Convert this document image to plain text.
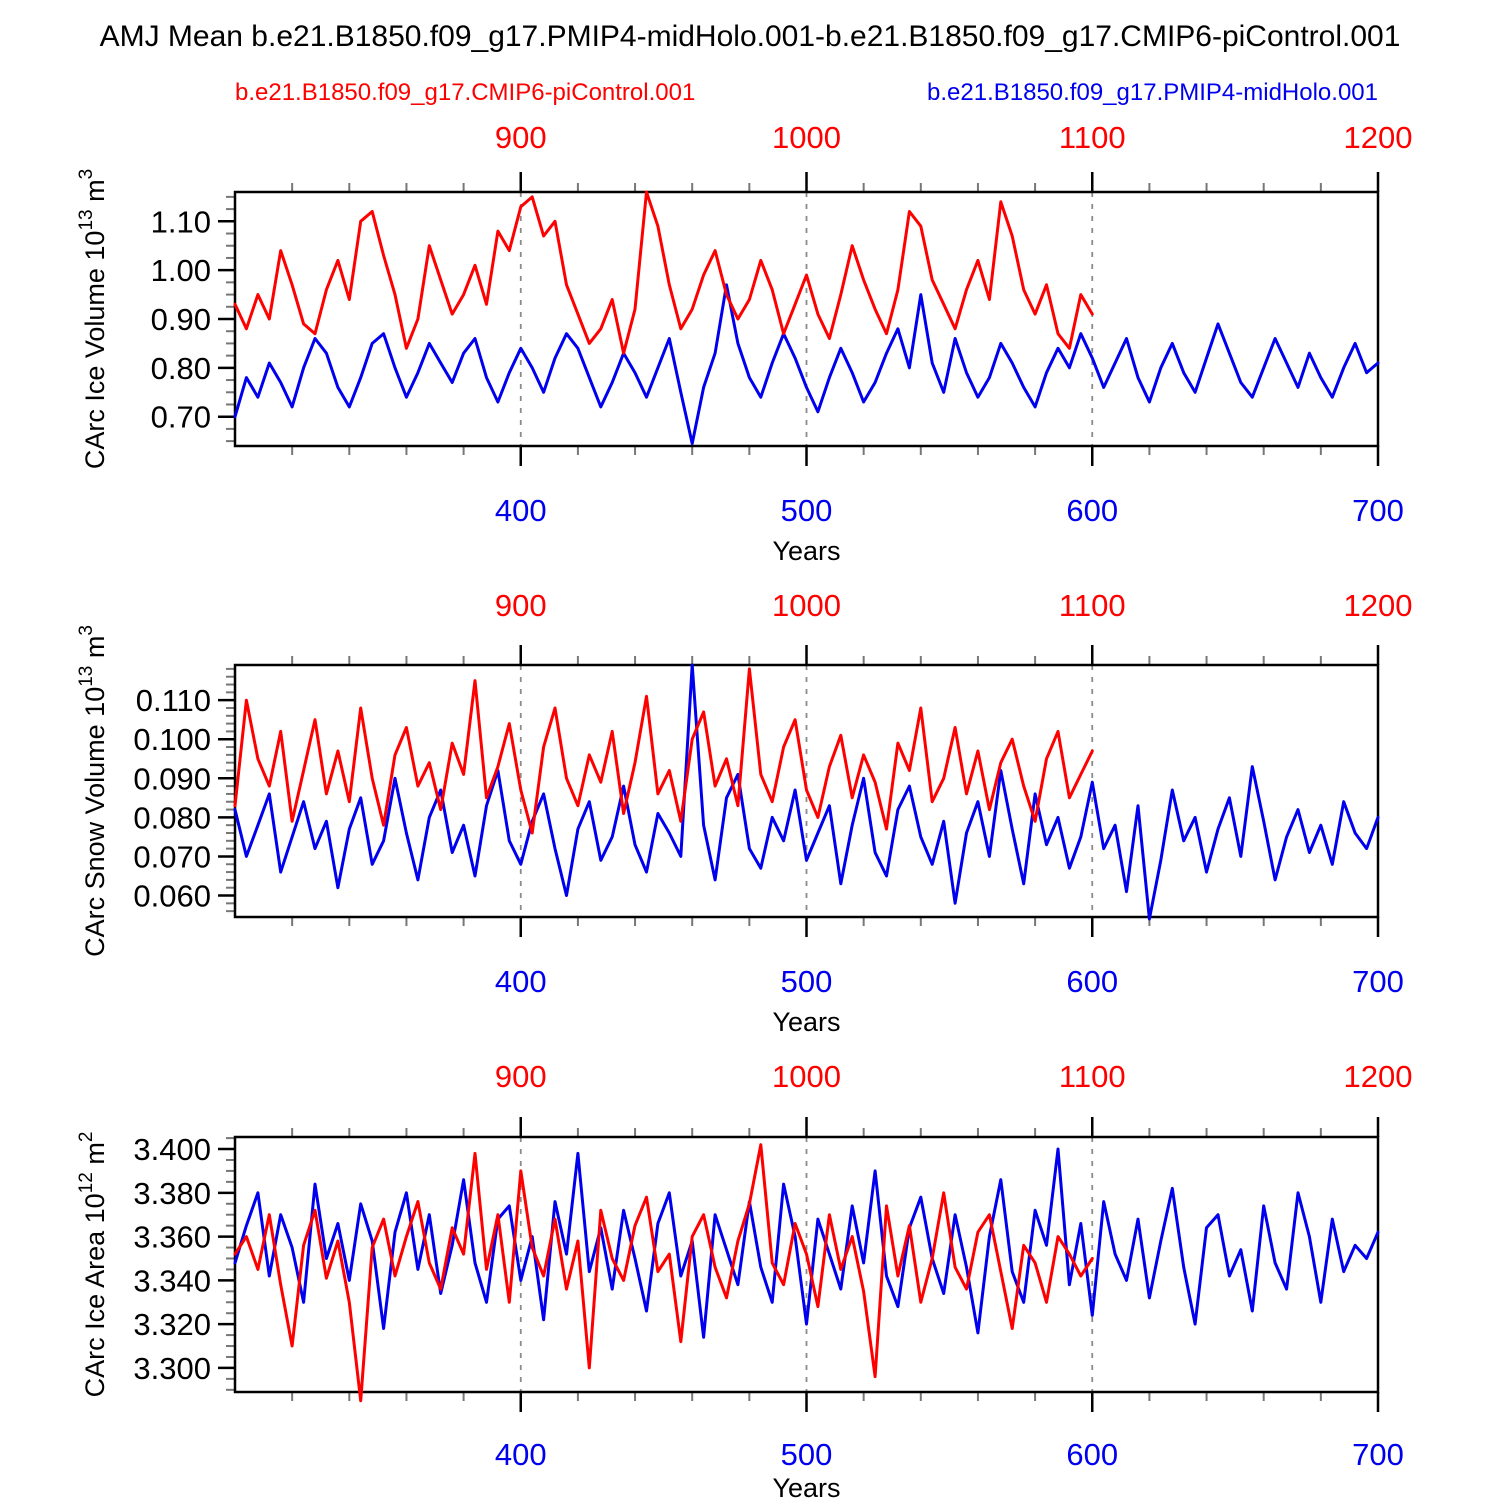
AMJ Mean b.e21.B1850.f09_g17.PMIP4-midHolo.001-b.e21.B1850.f09_g17.CMIP6-piControl.001
b.e21.B1850.f09_g17.CMIP6-piControl.001	b.e21.B1850.f09_g17.PMIP4-midHolo.001
400
900
500
1000
600
1100
700
1200
0.70
0.80
0.90
1.00
1.10
CArc Ice Volume $10^{13}$ $m^3$
Years
400
900
500
1000
600
1100
700
1200
0.060
0.070
0.080
0.090
0.100
0.110
CArc Snow Volume $10^{13}$ $m^3$
Years
400
900
500
1000
600
1100
700
1200
3.300
3.320
3.340
3.360
3.380
3.400
CArc Ice Area $10^{12}$ $m^2$
Years
